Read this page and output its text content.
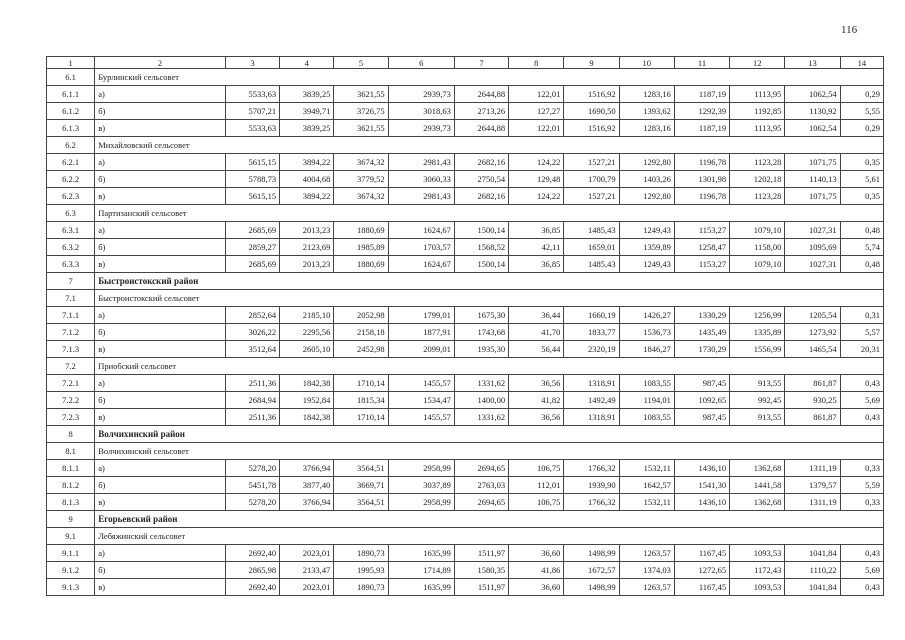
116
1	2	3	4	5	6	7	8	9	10	11	12	13	14
6.1	Бурлинский сельсовет												
6.1.1	а)	5533,63	3839,25	3621,55	2939,73	2644,88	122,01	1516,92	1283,16	1187,19	1113,95	1062,54	0,29
6.1.2	б)	5707,21	3949,71	3726,75	3018,63	2713,26	127,27	1690,50	1393,62	1292,39	1192,85	1130,92	5,55
6.1.3	в)	5533,63	3839,25	3621,55	2939,73	2644,88	122,01	1516,92	1283,16	1187,19	1113,95	1062,54	0,29
6.2	Михайловский сельсовет												
6.2.1	а)	5615,15	3894,22	3674,32	2981,43	2682,16	124,22	1527,21	1292,80	1196,78	1123,28	1071,75	0,35
6.2.2	б)	5788,73	4004,68	3779,52	3060,33	2750,54	129,48	1700,79	1403,26	1301,98	1202,18	1140,13	5,61
6.2.3	в)	5615,15	3894,22	3674,32	2981,43	2682,16	124,22	1527,21	1292,80	1196,78	1123,28	1071,75	0,35
6.3	Партизанский сельсовет												
6.3.1	а)	2685,69	2013,23	1880,69	1624,67	1500,14	36,85	1485,43	1249,43	1153,27	1079,10	1027,31	0,48
6.3.2	б)	2859,27	2123,69	1985,89	1703,57	1568,52	42,11	1659,01	1359,89	1258,47	1158,00	1095,69	5,74
6.3.3	в)	2685,69	2013,23	1880,69	1624,67	1500,14	36,85	1485,43	1249,43	1153,27	1079,10	1027,31	0,48
7	Быстроистокский район												
7.1	Быстроистокский сельсовет												
7.1.1	а)	2852,64	2185,10	2052,98	1799,01	1675,30	36,44	1660,19	1426,27	1330,29	1256,99	1205,54	0,31
7.1.2	б)	3026,22	2295,56	2158,18	1877,91	1743,68	41,70	1833,77	1536,73	1435,49	1335,89	1273,92	5,57
7.1.3	в)	3512,64	2605,10	2452,98	2099,01	1935,30	56,44	2320,19	1846,27	1730,29	1556,99	1465,54	20,31
7.2	Приобский сельсовет												
7.2.1	а)	2511,36	1842,38	1710,14	1455,57	1331,62	36,56	1318,91	1083,55	987,45	913,55	861,87	0,43
7.2.2	б)	2684,94	1952,84	1815,34	1534,47	1400,00	41,82	1492,49	1194,01	1092,65	992,45	930,25	5,69
7.2.3	в)	2511,36	1842,38	1710,14	1455,57	1331,62	36,56	1318,91	1083,55	987,45	913,55	861,87	0,43
8	Волчихинский район												
8.1	Волчихинский сельсовет												
8.1.1	а)	5278,20	3766,94	3564,51	2958,99	2694,65	106,75	1766,32	1532,11	1436,10	1362,68	1311,19	0,33
8.1.2	б)	5451,78	3877,40	3669,71	3037,89	2763,03	112,01	1939,90	1642,57	1541,30	1441,58	1379,57	5,59
8.1.3	в)	5278,20	3766,94	3564,51	2958,99	2694,65	106,75	1766,32	1532,11	1436,10	1362,68	1311,19	0,33
9	Егорьевский район												
9.1	Лебяжинский сельсовет												
9.1.1	а)	2692,40	2023,01	1890,73	1635,99	1511,97	36,60	1498,99	1263,57	1167,45	1093,53	1041,84	0,43
9.1.2	б)	2865,98	2133,47	1995,93	1714,89	1580,35	41,86	1672,57	1374,03	1272,65	1172,43	1110,22	5,69
9.1.3	в)	2692,40	2023,01	1890,73	1635,99	1511,97	36,60	1498,99	1263,57	1167,45	1093,53	1041,84	0,43
